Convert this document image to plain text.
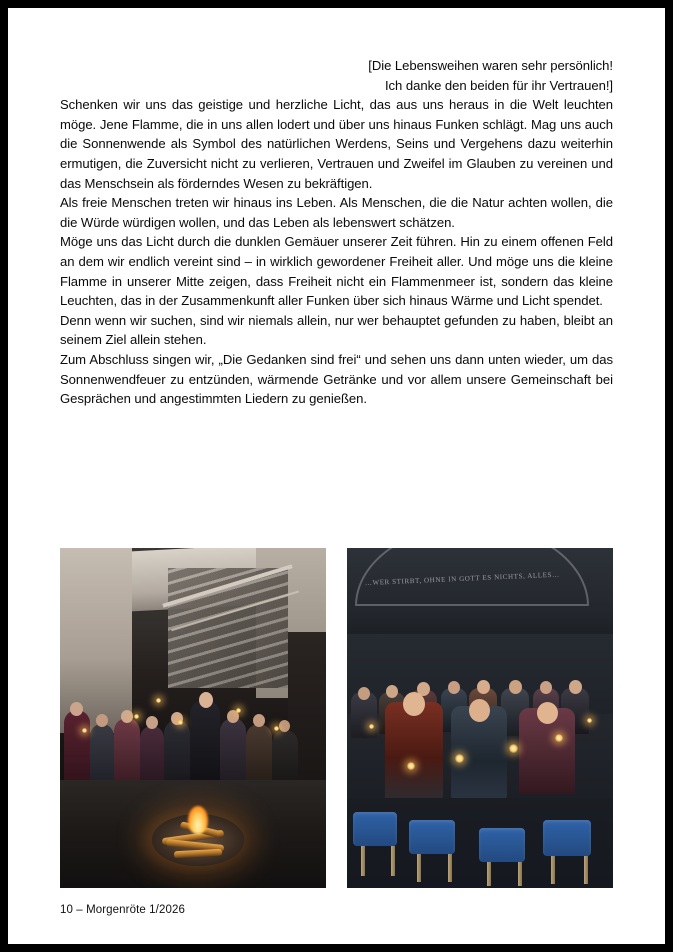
[Die Lebensweihen waren sehr persönlich!
Ich danke den beiden für ihr Vertrauen!]

Schenken wir uns das geistige und herzliche Licht, das aus uns heraus in die Welt leuchten möge. Jene Flamme, die in uns allen lodert und über uns hinaus Funken schlägt. Mag uns auch die Sonnenwende als Symbol des natürlichen Werdens, Seins und Vergehens dazu weiterhin ermutigen, die Zuversicht nicht zu verlieren, Vertrauen und Zweifel im Glauben zu vereinen und das Menschsein als förderndes Wesen zu bekräftigen.

Als freie Menschen treten wir hinaus ins Leben. Als Menschen, die die Natur achten wollen, die die Würde würdigen wollen, und das Leben als lebenswert schätzen.

Möge uns das Licht durch die dunklen Gemäuer unserer Zeit führen. Hin zu einem offenen Feld an dem wir endlich vereint sind – in wirklich gewordener Freiheit aller. Und möge uns die kleine Flamme in unserer Mitte zeigen, dass Freiheit nicht ein Flammenmeer ist, sondern das kleine Leuchten, das in der Zusammenkunft aller Funken über sich hinaus Wärme und Licht spendet.

Denn wenn wir suchen, sind wir niemals allein, nur wer behauptet gefunden zu haben, bleibt an seinem Ziel allein stehen.

Zum Abschluss singen wir, „Die Gedanken sind frei“ und sehen uns dann unten wieder, um das Sonnenwendfeuer zu entzünden, wärmende Getränke und vor allem unsere Gemeinschaft bei Gesprächen und angestimmten Liedern zu genießen.

…WER STIRBT, OHNE IN GOTT ES NICHTS, ALLES…
10 – Morgenröte 1/2026
